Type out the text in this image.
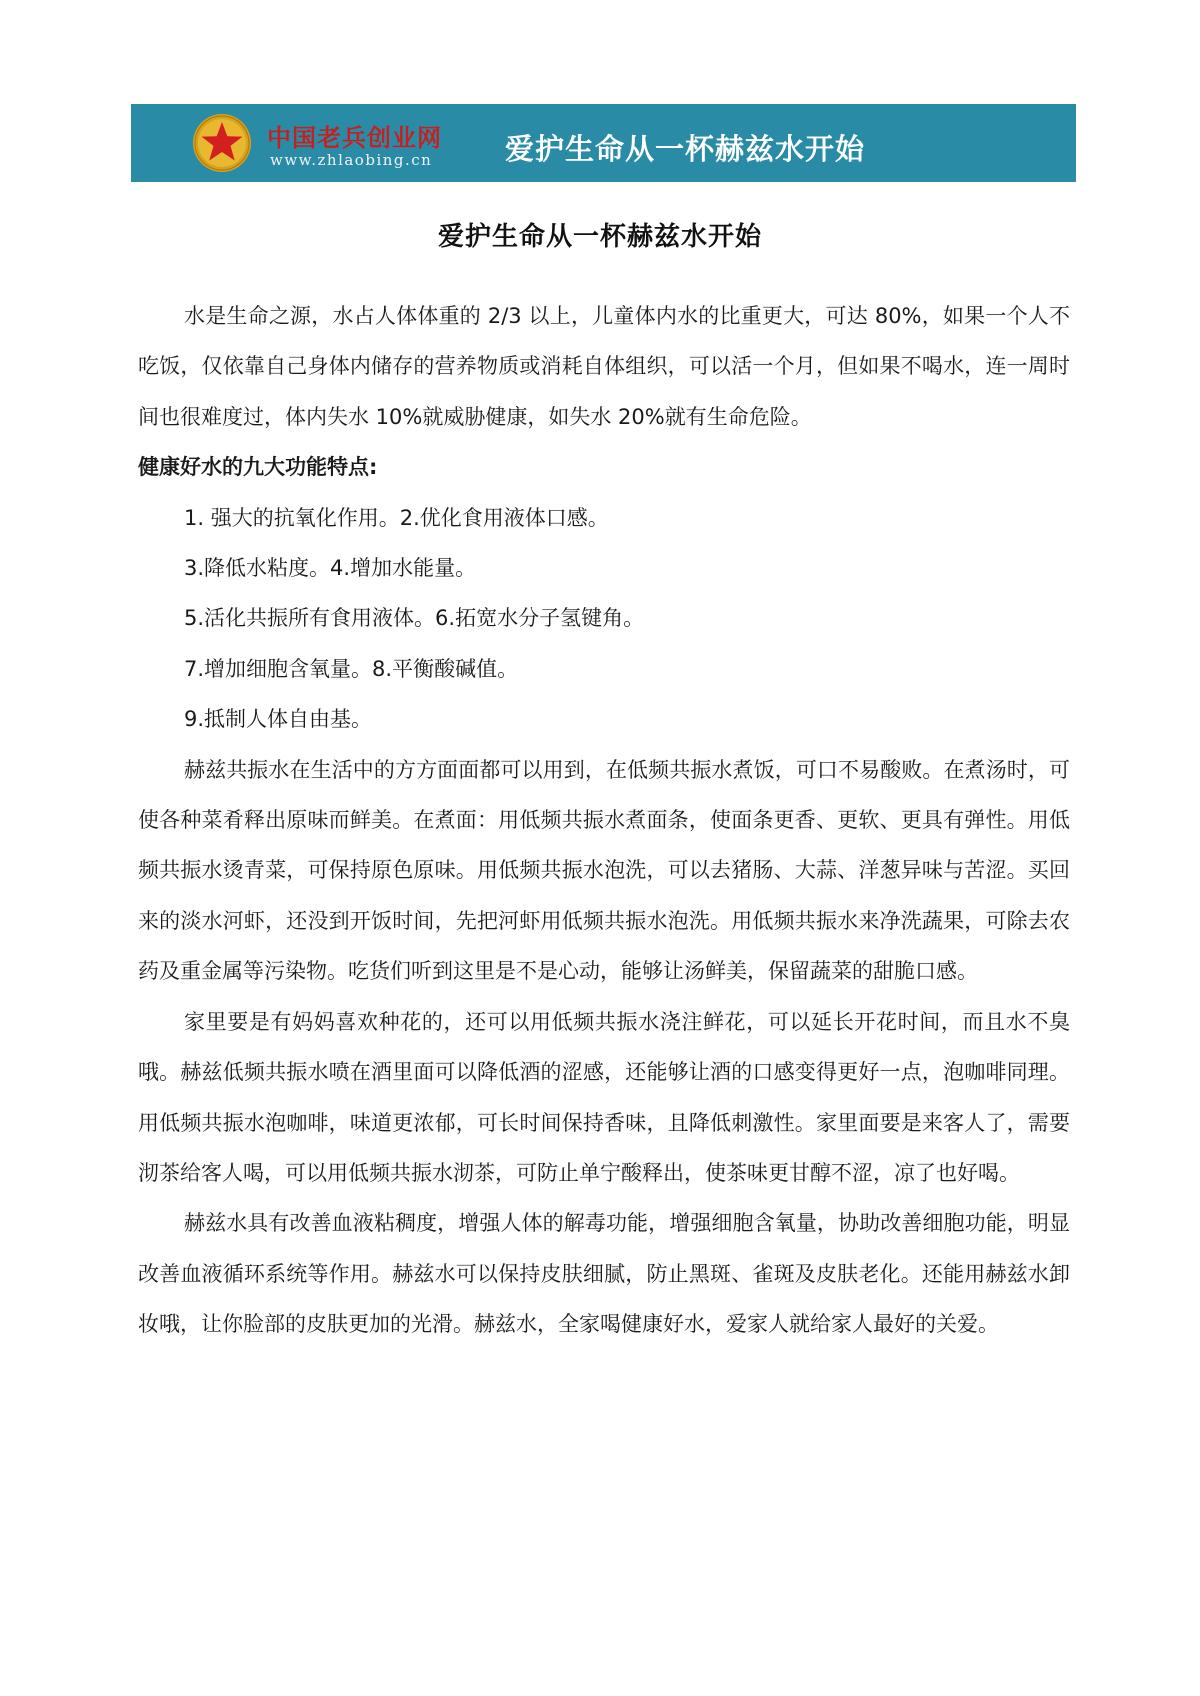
中国老兵创业网
www.zhlaobing.cn	爱护生命从一杯赫兹水开始
爱护生命从一杯赫兹水开始

水是生命之源，水占人体体重的 2/3 以上，儿童体内水的比重更大，可达 80%，如果一个人不吃饭，仅依靠自己身体内储存的营养物质或消耗自体组织，可以活一个月，但如果不喝水，连一周时间也很难度过，体内失水 10%就威胁健康，如失水 20%就有生命危险。

健康好水的九大功能特点:

1. 强大的抗氧化作用。2.优化食用液体口感。

3.降低水粘度。4.增加水能量。

5.活化共振所有食用液体。6.拓宽水分子氢键角。

7.增加细胞含氧量。8.平衡酸碱值。

9.抵制人体自由基。

赫兹共振水在生活中的方方面面都可以用到，在低频共振水煮饭，可口不易酸败。在煮汤时，可使各种菜肴释出原味而鲜美。在煮面：用低频共振水煮面条，使面条更香、更软、更具有弹性。用低频共振水烫青菜，可保持原色原味。用低频共振水泡洗，可以去猪肠、大蒜、洋葱异味与苦涩。买回来的淡水河虾，还没到开饭时间，先把河虾用低频共振水泡洗。用低频共振水来净洗蔬果，可除去农药及重金属等污染物。吃货们听到这里是不是心动，能够让汤鲜美，保留蔬菜的甜脆口感。

家里要是有妈妈喜欢种花的，还可以用低频共振水浇注鲜花，可以延长开花时间，而且水不臭哦。赫兹低频共振水喷在酒里面可以降低酒的涩感，还能够让酒的口感变得更好一点，泡咖啡同理。用低频共振水泡咖啡，味道更浓郁，可长时间保持香味，且降低刺激性。家里面要是来客人了，需要沏茶给客人喝，可以用低频共振水沏茶，可防止单宁酸释出，使茶味更甘醇不涩，凉了也好喝。

赫兹水具有改善血液粘稠度，增强人体的解毒功能，增强细胞含氧量，协助改善细胞功能，明显改善血液循环系统等作用。赫兹水可以保持皮肤细腻，防止黑斑、雀斑及皮肤老化。还能用赫兹水卸妆哦，让你脸部的皮肤更加的光滑。赫兹水，全家喝健康好水，爱家人就给家人最好的关爱。
